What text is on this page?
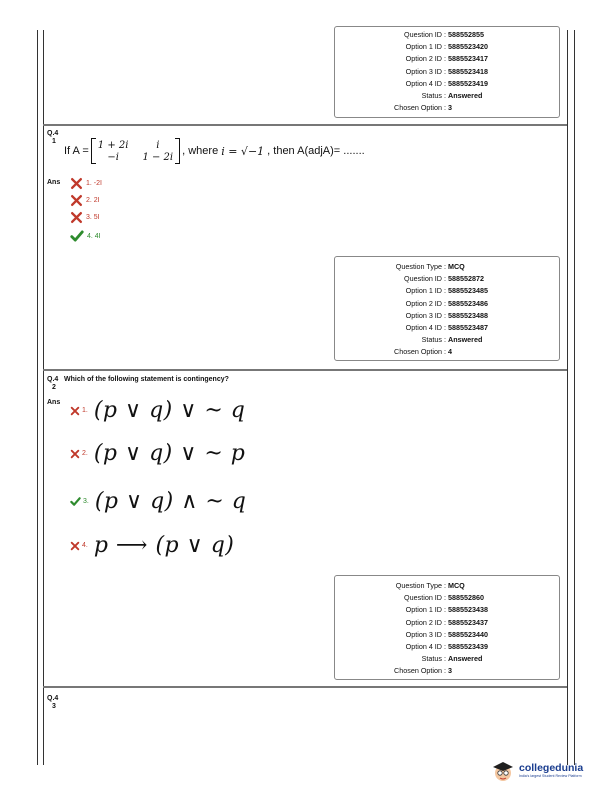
Question ID : 588552855
Option 1 ID : 5885523420
Option 2 ID : 5885523417
Option 3 ID : 5885523418
Option 4 ID : 5885523419
Status : Answered
Chosen Option : 3
Q.4
1
If A = 1 + 2i	i
−i	1 − 2i , where i = √−1 , then A(adjA)= .......
Ans	1. -2I
2. 2I
3. 5I
4. 4I
Question Type : MCQ
Question ID : 588552872
Option 1 ID : 5885523485
Option 2 ID : 5885523486
Option 3 ID : 5885523488
Option 4 ID : 5885523487
Status : Answered
Chosen Option : 4
Q.4
2
Which of the following statement is contingency?
Ans
1. (p ∨ q) ∨ ~ q
2. (p ∨ q) ∨ ~ p
3. (p ∨ q) ∧ ~ q
4. p ⟶ (p ∨ q)
Question Type : MCQ
Question ID : 588552860
Option 1 ID : 5885523438
Option 2 ID : 5885523437
Option 3 ID : 5885523440
Option 4 ID : 5885523439
Status : Answered
Chosen Option : 3
Q.4
3
collegedunia
India's largest Student Review Platform
